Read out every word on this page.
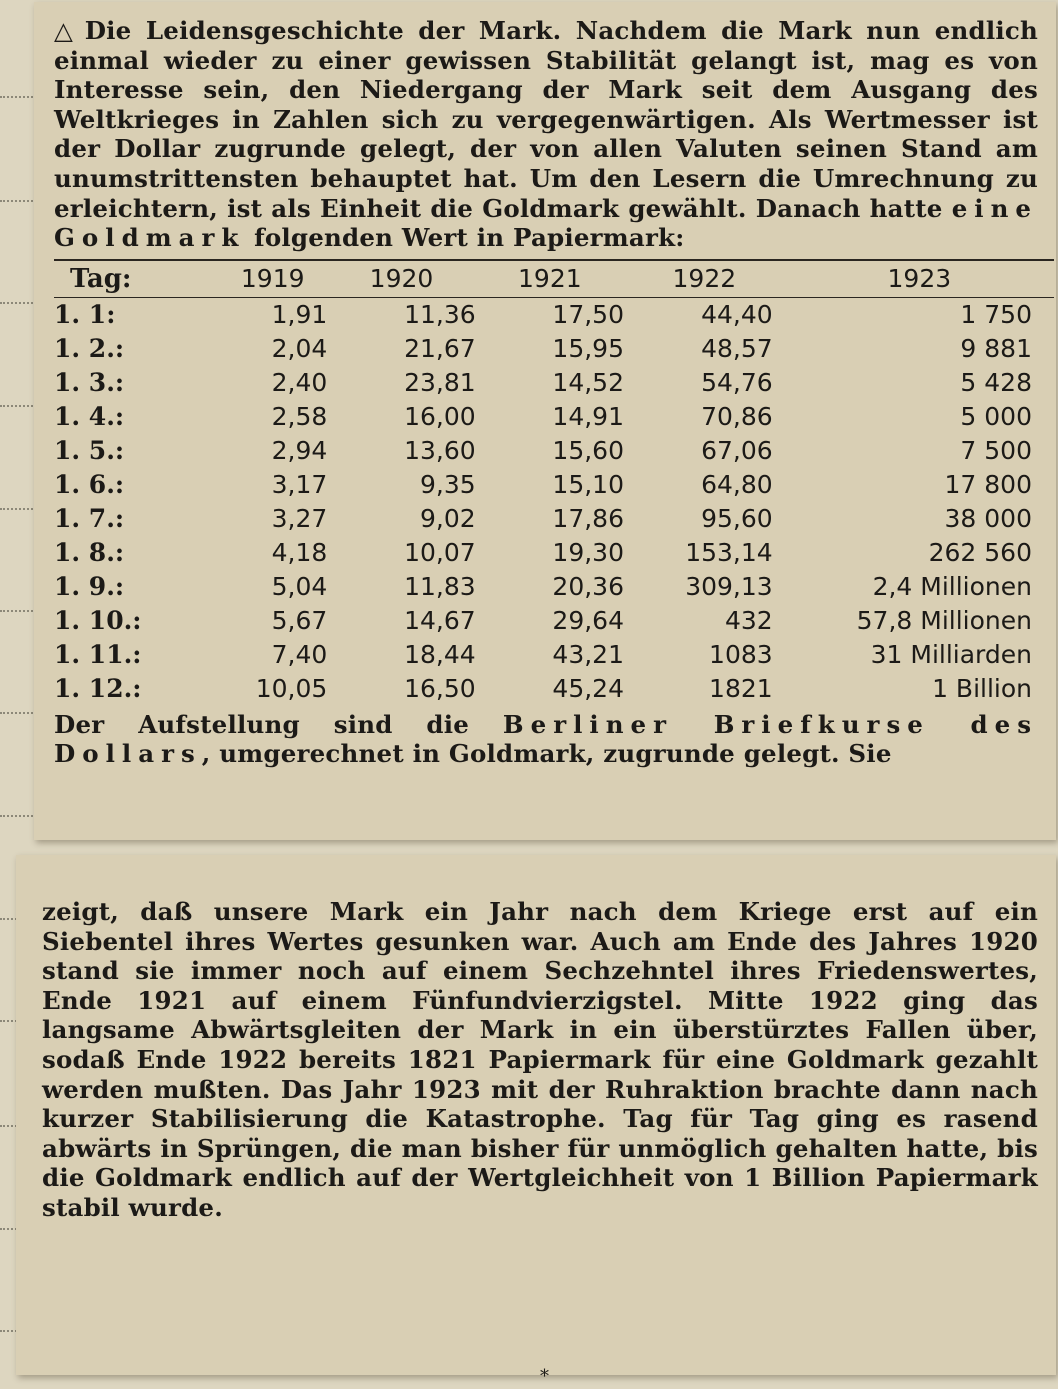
△ Die Leidensgeschichte der Mark. Nachdem die Mark nun endlich einmal wieder zu einer gewissen Stabilität gelangt ist, mag es von Interesse sein, den Niedergang der Mark seit dem Ausgang des Weltkrieges in Zahlen sich zu vergegenwärtigen. Als Wertmesser ist der Dollar zugrunde gelegt, der von allen Valuten seinen Stand am unumstrittensten behauptet hat. Um den Lesern die Umrechnung zu erleichtern, ist als Einheit die Goldmark gewählt. Danach hatte eine Goldmark folgenden Wert in Papiermark:

Tag:	1919	1920	1921	1922	1923
1. 1:	1,91	11,36	17,50	44,40	1 750
1. 2.:	2,04	21,67	15,95	48,57	9 881
1. 3.:	2,40	23,81	14,52	54,76	5 428
1. 4.:	2,58	16,00	14,91	70,86	5 000
1. 5.:	2,94	13,60	15,60	67,06	7 500
1. 6.:	3,17	9,35	15,10	64,80	17 800
1. 7.:	3,27	9,02	17,86	95,60	38 000
1. 8.:	4,18	10,07	19,30	153,14	262 560
1. 9.:	5,04	11,83	20,36	309,13	2,4 Millionen
1. 10.:	5,67	14,67	29,64	432	57,8 Millionen
1. 11.:	7,40	18,44	43,21	1083	31 Milliarden
1. 12.:	10,05	16,50	45,24	1821	1 Billion

Der Aufstellung sind die Berliner Briefkurse des Dollars, umgerechnet in Goldmark, zugrunde gelegt. Sie

zeigt, daß unsere Mark ein Jahr nach dem Kriege erst auf ein Siebentel ihres Wertes gesunken war. Auch am Ende des Jahres 1920 stand sie immer noch auf einem Sechzehntel ihres Friedenswertes, Ende 1921 auf einem Fünfundvierzigstel. Mitte 1922 ging das langsame Abwärtsgleiten der Mark in ein überstürztes Fallen über, sodaß Ende 1922 bereits 1821 Papiermark für eine Goldmark gezahlt werden mußten. Das Jahr 1923 mit der Ruhraktion brachte dann nach kurzer Stabilisierung die Katastrophe. Tag für Tag ging es rasend abwärts in Sprüngen, die man bisher für unmöglich gehalten hatte, bis die Goldmark endlich auf der Wertgleichheit von 1 Billion Papiermark stabil wurde.

*
